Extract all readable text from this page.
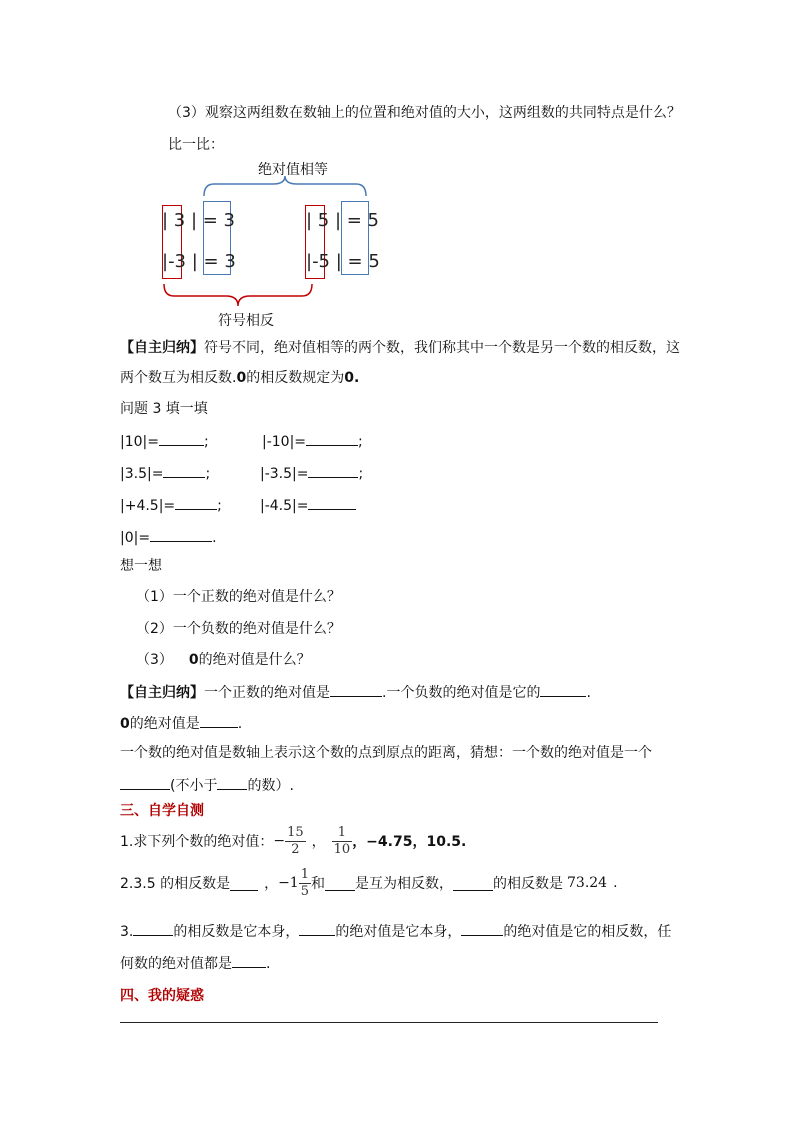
（3）观察这两组数在数轴上的位置和绝对值的大小，这两组数的共同特点是什么？
比一比：
绝对值相等
| 3 | = 3
|-3 | = 3
| 5 | = 5
|-5 | = 5
符号相反
【自主归纳】符号不同，绝对值相等的两个数，我们称其中一个数是另一个数的相反数，这
两个数互为相反数.0的相反数规定为0.
问题 3 填一填
|10|=	;	|-10|=	;
|3.5|=	;	|-3.5|=	;
|+4.5|=	;	|-4.5|=
|0|=	.
想一想
（1）一个正数的绝对值是什么？
（2）一个负数的绝对值是什么？
（3） 0的绝对值是什么？
【自主归纳】一个正数的绝对值是	.一个负数的绝对值是它的	.
0的绝对值是	.
一个数的绝对值是数轴上表示这个数的点到原点的距离，猜想：一个数的绝对值是一个
(不小于 的数）.
三、自学自测
1.求下列个数的绝对值： − $\frac{15}{2}$ ， $\frac{1}{10}$ ，−4.75，10.5.
2.3.5 的相反数是 ， $-1 \frac{1}{5}$ 和 是互为相反数，	的相反数是 73.24 .
3.	的相反数是它本身，	的绝对值是它本身，	的绝对值是它的相反数，任
何数的绝对值都是 .
四、我的疑惑
